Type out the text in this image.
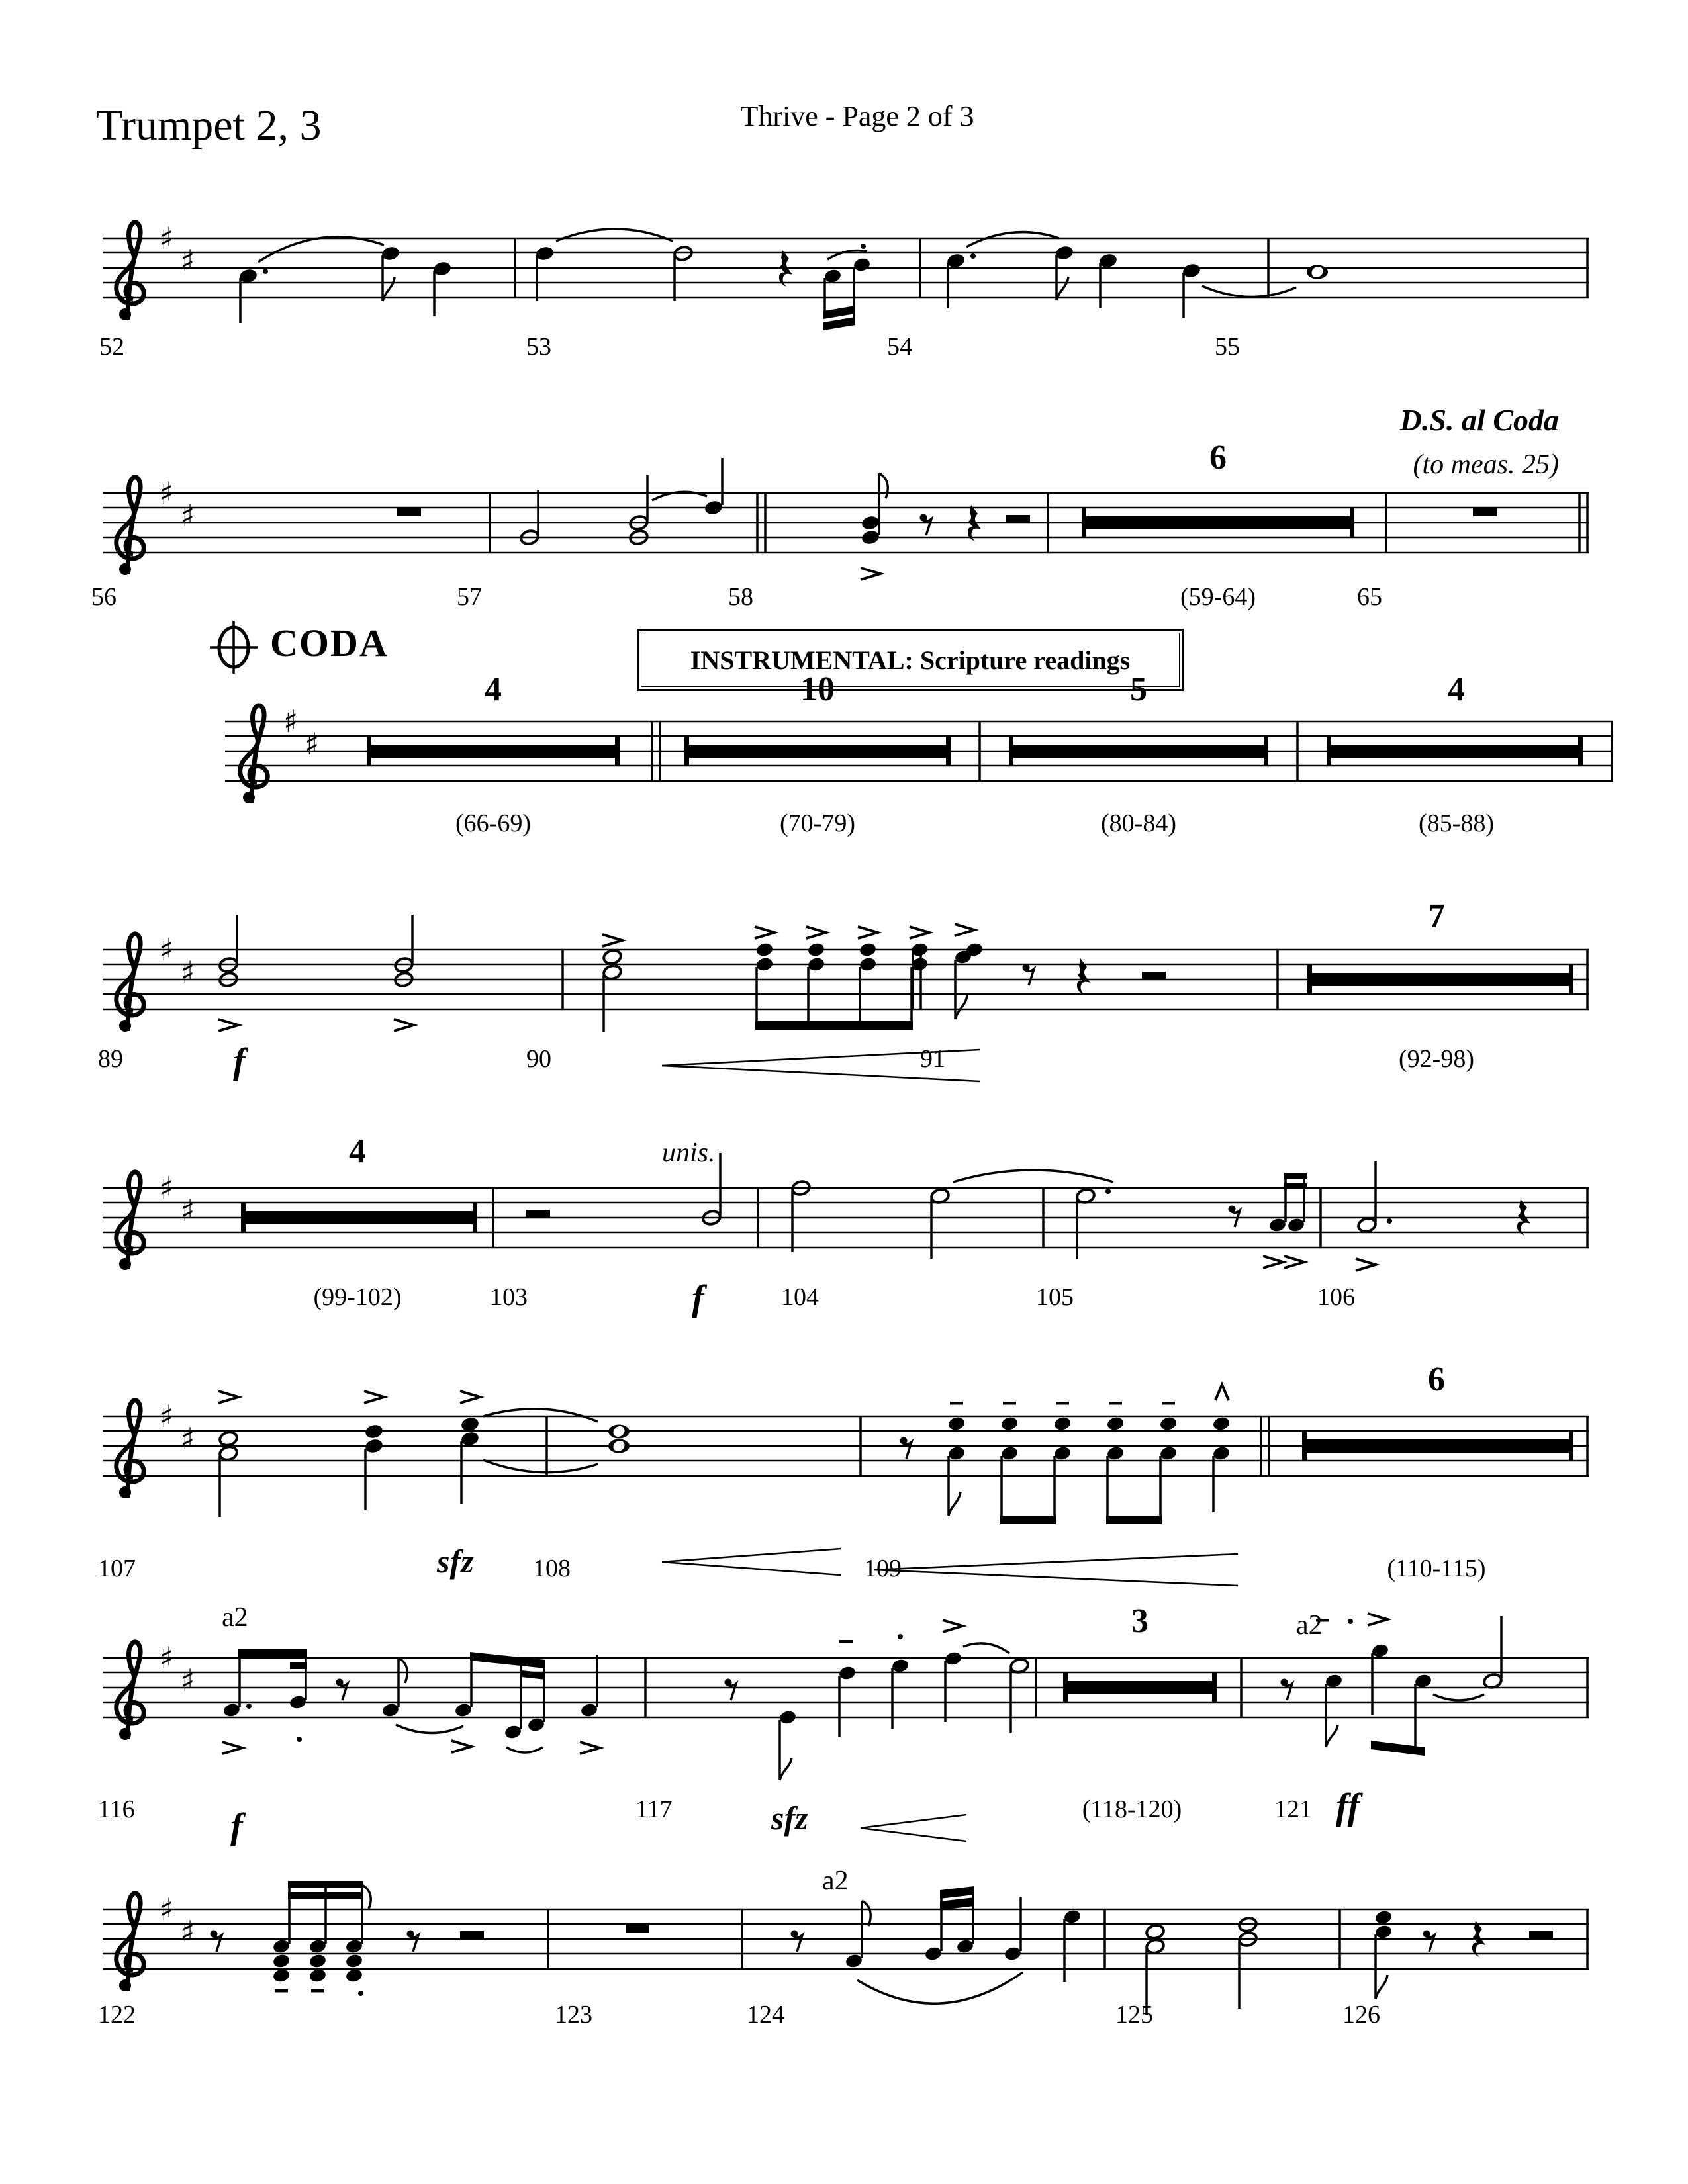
♯
♯
♯
♯
♯
♯
♯
♯
♯
♯
♯
♯
♯
♯
♯
♯
Trumpet 2, 3	Thrive - Page 2 of 3
52	53	54	55
D.S. al Coda
(to meas. 25)
56	57	58	(59-64)	65
6
CODA	INSTRUMENTAL: Scripture readings
4	10	5	4
(66-69)	(70-79)	(80-84)	(85-88)
89	90	91	(92-98)
7
f
(99-102)	103	104	105	106
4	unis.
f
107	108	109	(110-115)
6
sfz
116	117	(118-120)	121
3
a2	a2
f	sfz	ff
122	123	124	125	126
a2
